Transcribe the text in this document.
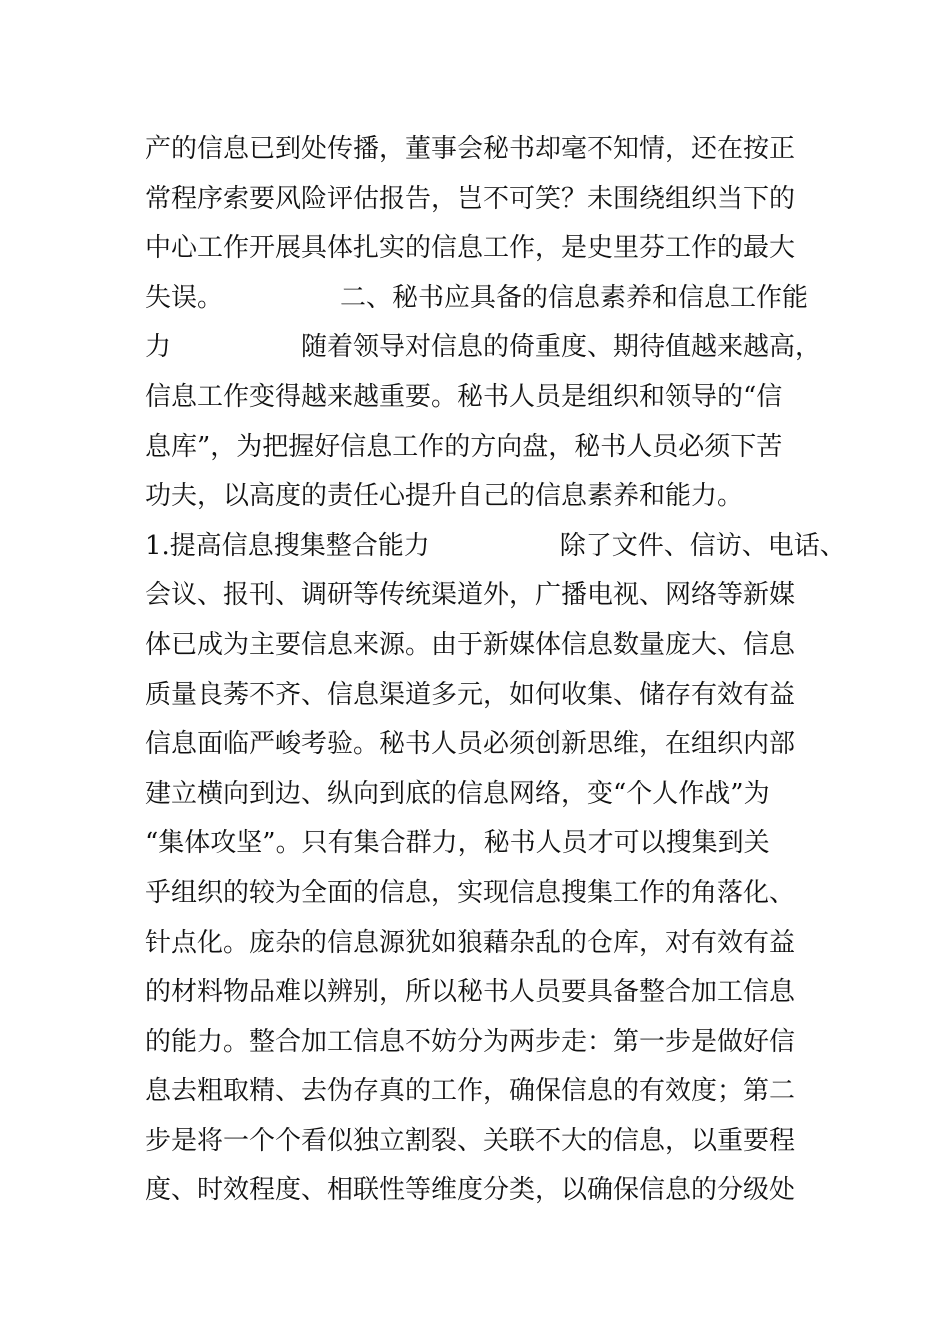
产的信息已到处传播，董事会秘书却毫不知情，还在按正
常程序索要风险评估报告，岂不可笑？未围绕组织当下的
中心工作开展具体扎实的信息工作，是史里芬工作的最大
失误。　　　　　二、秘书应具备的信息素养和信息工作能
力　　　　　随着领导对信息的倚重度、期待值越来越高，
信息工作变得越来越重要。秘书人员是组织和领导的“信
息库”，为把握好信息工作的方向盘，秘书人员必须下苦
功夫，以高度的责任心提升自己的信息素养和能力。
1.提高信息搜集整合能力　　　　　除了文件、信访、电话、
会议、报刊、调研等传统渠道外，广播电视、网络等新媒
体已成为主要信息来源。由于新媒体信息数量庞大、信息
质量良莠不齐、信息渠道多元，如何收集、储存有效有益
信息面临严峻考验。秘书人员必须创新思维，在组织内部
建立横向到边、纵向到底的信息网络，变“个人作战”为
“集体攻坚”。只有集合群力，秘书人员才可以搜集到关
乎组织的较为全面的信息，实现信息搜集工作的角落化、
针点化。庞杂的信息源犹如狼藉杂乱的仓库，对有效有益
的材料物品难以辨别，所以秘书人员要具备整合加工信息
的能力。整合加工信息不妨分为两步走：第一步是做好信
息去粗取精、去伪存真的工作，确保信息的有效度；第二
步是将一个个看似独立割裂、关联不大的信息，以重要程
度、时效程度、相联性等维度分类，以确保信息的分级处
